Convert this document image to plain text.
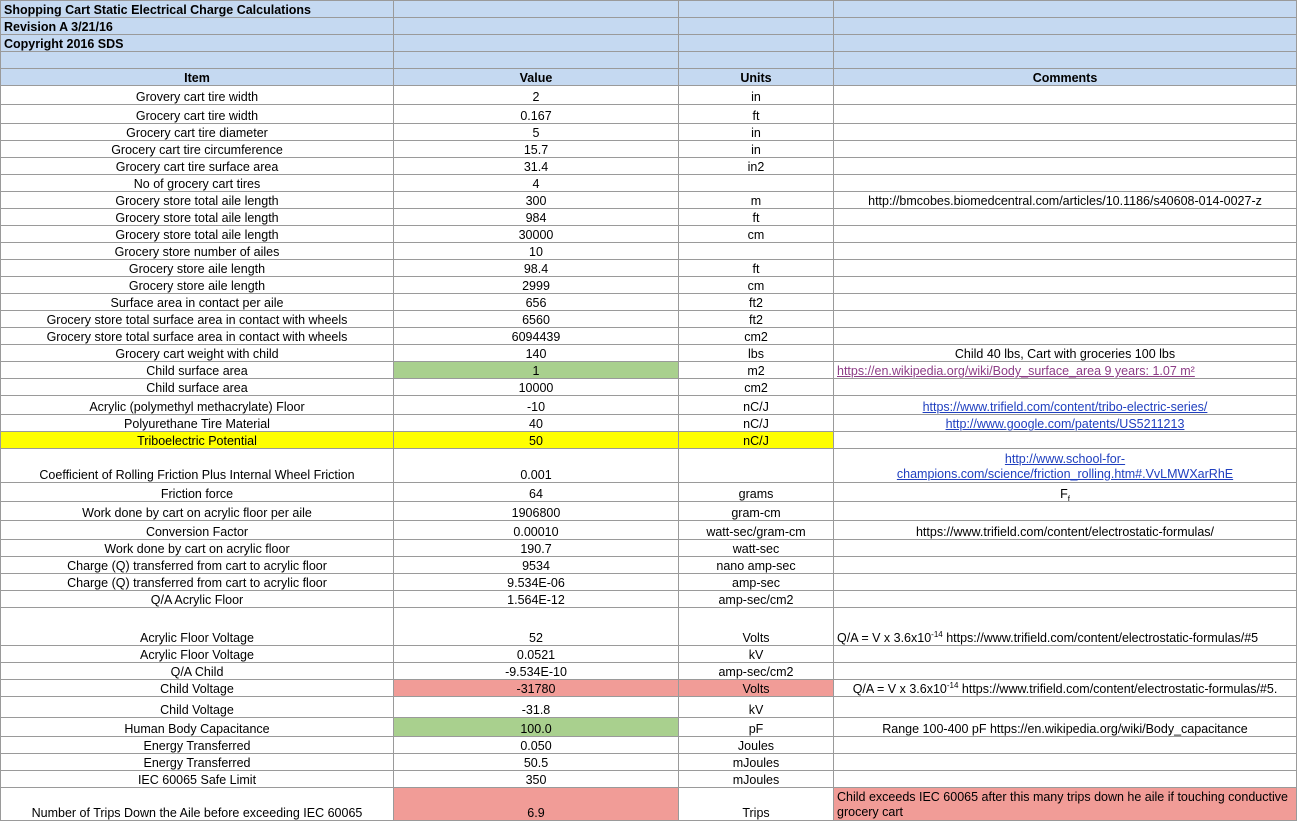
Shopping Cart Static Electrical Charge Calculations			
Revision A 3/21/16			
Copyright 2016 SDS			

Item	Value	Units	Comments
Grovery cart tire width	2	in	
Grocery cart tire width	0.167	ft	
Grocery cart tire diameter	5	in	
Grocery cart tire circumference	15.7	in	
Grocery cart tire surface area	31.4	in2	
No of grocery cart tires	4		
Grocery store total aile length	300	m	http://bmcobes.biomedcentral.com/articles/10.1186/s40608-014-0027-z
Grocery store total aile length	984	ft	
Grocery store total aile length	30000	cm	
Grocery store number of ailes	10		
Grocery store aile length	98.4	ft	
Grocery store aile length	2999	cm	
Surface area in contact per aile	656	ft2	
Grocery store total surface area in contact with wheels	6560	ft2	
Grocery store total surface area in contact with wheels	6094439	cm2	
Grocery cart weight with child	140	lbs	Child 40 lbs, Cart with groceries 100 lbs
Child surface area	1	m2	https://en.wikipedia.org/wiki/Body_surface_area 9 years: 1.07 m²
Child surface area	10000	cm2	
Acrylic (polymethyl methacrylate) Floor	-10	nC/J	https://www.trifield.com/content/tribo-electric-series/
Polyurethane Tire Material	40	nC/J	http://www.google.com/patents/US5211213
Triboelectric Potential	50	nC/J	
Coefficient of Rolling Friction Plus Internal Wheel Friction	0.001		http://www.school-for-
champions.com/science/friction_rolling.htm#.VvLMWXarRhE
Friction force	64	grams	$F_f$
Work done by cart on acrylic floor per aile	1906800	gram-cm	
Conversion Factor	0.00010	watt-sec/gram-cm	https://www.trifield.com/content/electrostatic-formulas/
Work done by cart on acrylic floor	190.7	watt-sec	
Charge (Q) transferred from cart to acrylic floor	9534	nano amp-sec	
Charge (Q) transferred from cart to acrylic floor	9.534E-06	amp-sec	
Q/A Acrylic Floor	1.564E-12	amp-sec/cm2	
Acrylic Floor Voltage	52	Volts	Q/A = V x $3.6x10^{-14}$ https://www.trifield.com/content/electrostatic-formulas/#5
Acrylic Floor Voltage	0.0521	kV	
Q/A Child	-9.534E-10	amp-sec/cm2	
Child Voltage	-31780	Volts	Q/A = V x $3.6x10^{-14}$ https://www.trifield.com/content/electrostatic-formulas/#5.
Child Voltage	-31.8	kV	
Human Body Capacitance	100.0	pF	Range 100-400 pF https://en.wikipedia.org/wiki/Body_capacitance
Energy Transferred	0.050	Joules	
Energy Transferred	50.5	mJoules	
IEC 60065 Safe Limit	350	mJoules	
Number of Trips Down the Aile before exceeding IEC 60065	6.9	Trips	Child exceeds IEC 60065 after this many trips down he aile if touching conductive grocery cart
